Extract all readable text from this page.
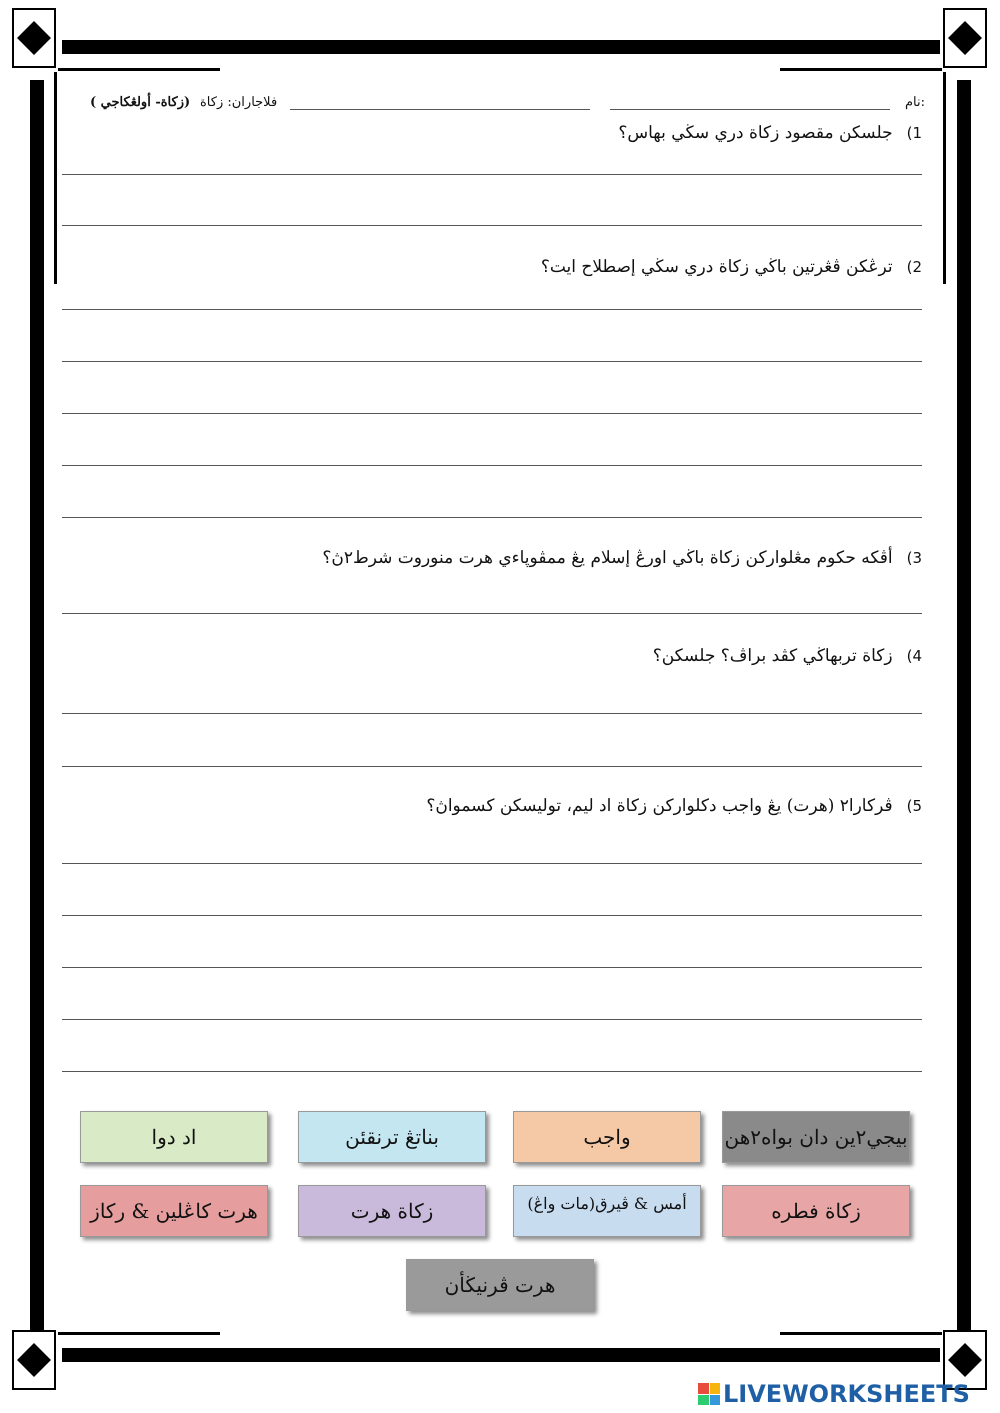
نام:
فلاجاران: زكاة
(زكاة- أولڠكاجي )
1)جلسكن مقصود زكاة دري سڬي بهاس؟
2)ترڠكن ڤڠرتين باڬي زكاة دري سڬي إصطلاح ايت؟
3)أڤكه حكوم مڠلواركن زكاة باڬي اورڠ إسلام يڠ ممڤوڽاءي هرت منوروت شرط٢ڽ؟
4)زكاة تربهاڬي كڤد براڤ؟ جلسكن؟
5)ڤركارا٢ (هرت) يڠ واجب دكلواركن زكاة اد ليم، توليسكن كسمواڽ؟
بيجي٢ين دان بواه٢هن
واجب
بناتڠ ترنقئن
اد دوا
زكاة فطره
أمس & ڤيرق(مات واڠ)
زكاة هرت
هرت كاڠلين & ركاز
هرت ڤرنيڬأن
LIVEWORKSHEETS
